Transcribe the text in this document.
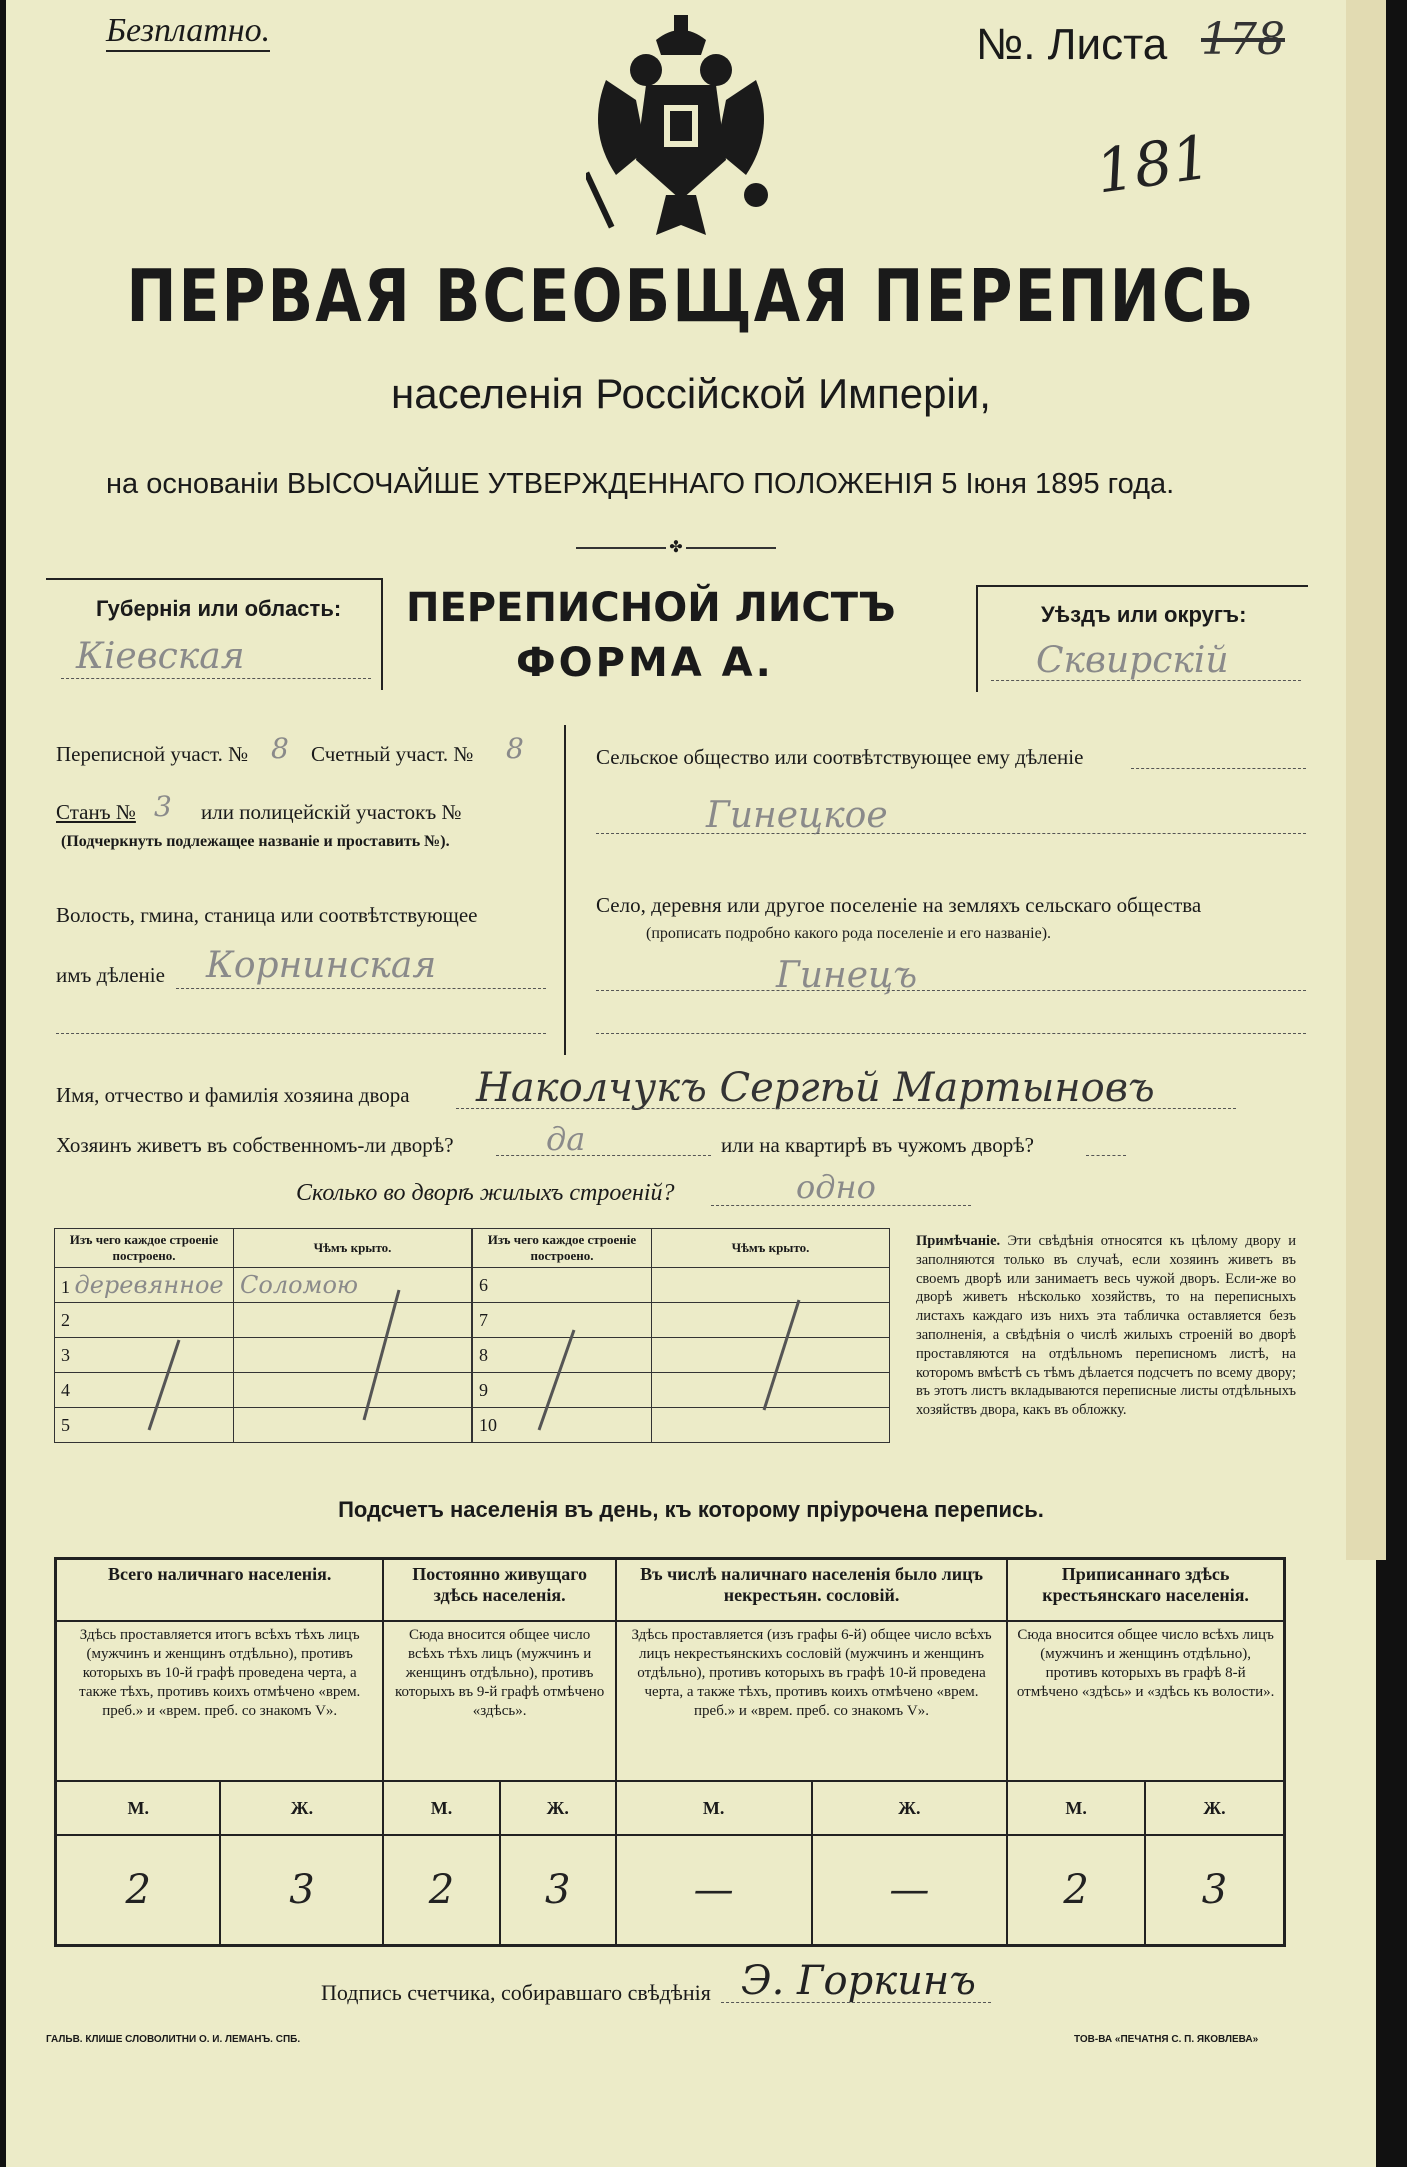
Безплатно.	№. Листа 178
181
ПЕРВАЯ ВСЕОБЩАЯ ПЕРЕПИСЬ
населенія Россійской Имперіи,
на основаніи ВЫСОЧАЙШЕ УТВЕРЖДЕННАГО ПОЛОЖЕНІЯ 5 Іюня 1895 года.
✤
Губернія или область:
Кіевская
ПЕРЕПИСНОЙ ЛИСТЪ
ФОРМА А.
Уѣздъ или округъ:
Сквирскій
Переписной участ. № 8 Счетный участ. № 8
Станъ № 3 или полицейскій участокъ №
(Подчеркнуть подлежащее названіе и проставить №).
Волость, гмина, станица или соотвѣтствующее
имъ дѣленіе Корнинская
Сельское общество или соотвѣтствующее ему дѣленіе
Гинецкое
Село, деревня или другое поселеніе на земляхъ сельскаго общества
(прописать подробно какого рода поселеніе и его названіе).
Гинецъ
Имя, отчество и фамилія хозяина двора Наколчукъ Сергѣй Мартыновъ
Хозяинъ живетъ въ собственномъ-ли дворѣ?	да	или на квартирѣ въ чужомъ дворѣ?
Сколько во дворѣ жилыхъ строеній?	одно
Изъ чего каждое строеніе построено.	Чѣмъ крыто.
1 деревянное	Соломою
2	
3	
4	
5	
Изъ чего каждое строеніе построено.	Чѣмъ крыто.
6	
7	
8	
9	
10	
Примѣчаніе. Эти свѣдѣнія относятся къ цѣлому двору и заполняются только въ случаѣ, если хозяинъ живетъ въ своемъ дворѣ или занимаетъ весь чужой дворъ. Если-же во дворѣ живетъ нѣсколько хозяйствъ, то на переписныхъ листахъ каждаго изъ нихъ эта табличка оставляется безъ заполненія, а свѣдѣнія о числѣ жилыхъ строеній во дворѣ проставляются на отдѣльномъ переписномъ листѣ, на которомъ вмѣстѣ съ тѣмъ дѣлается подсчетъ по всему двору; въ этотъ листъ вкладываются переписные листы отдѣльныхъ хозяйствъ двора, какъ въ обложку.
Подсчетъ населенія въ день, къ которому пріурочена перепись.
Всего наличнаго населенія.		Постоянно живущаго здѣсь населенія.		Въ числѣ наличнаго населенія было лицъ некрестьян. сословій.		Приписаннаго здѣсь крестьянскаго населенія.	
Здѣсь проставляется итогъ всѣхъ тѣхъ лицъ (мужчинъ и женщинъ отдѣльно), противъ которыхъ въ 10-й графѣ проведена черта, а также тѣхъ, противъ коихъ отмѣчено «врем. преб.» и «врем. преб. со знакомъ V».		Сюда вносится общее число всѣхъ тѣхъ лицъ (мужчинъ и женщинъ отдѣльно), противъ которыхъ въ 9-й графѣ отмѣчено «здѣсь».		Здѣсь проставляется (изъ графы 6-й) общее число всѣхъ лицъ некрестьянскихъ сословій (мужчинъ и женщинъ отдѣльно), противъ которыхъ въ графѣ 10-й проведена черта, а также тѣхъ, противъ коихъ отмѣчено «врем. преб.» и «врем. преб. со знакомъ V».		Сюда вносится общее число всѣхъ лицъ (мужчинъ и женщинъ отдѣльно), противъ которыхъ въ графѣ 8-й отмѣчено «здѣсь» и «здѣсь къ волости».	
М.	Ж.	М.	Ж.	М.	Ж.	М.	Ж.
2	3	2	3	—	—	2	3
Подпись счетчика, собиравшаго свѣдѣнія Э. Горкинъ
ГАЛЬВ. КЛИШЕ СЛОВОЛИТНИ О. И. ЛЕМАНЪ. СПБ.	ТОВ-ВА «ПЕЧАТНЯ С. П. ЯКОВЛЕВА»
